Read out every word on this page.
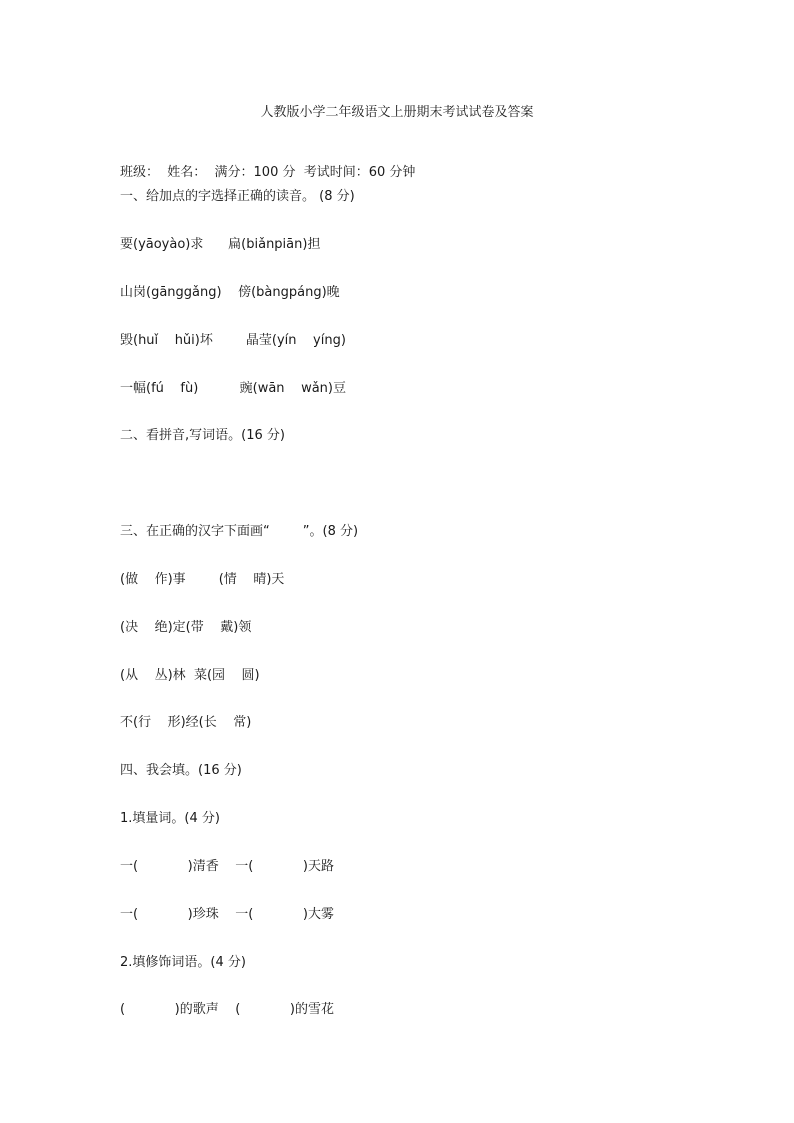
人教版小学二年级语文上册期末考试试卷及答案
班级：  姓名：  满分：100 分  考试时间：60 分钟
一、给加点的字选择正确的读音。 (8 分)
要(yāoyào)求      扁(biǎnpiān)担
山岗(gānggǎng)    傍(bàngpáng)晚
毁(huǐ    hǔi)坏        晶莹(yín    yíng)
一幅(fú    fù)          豌(wān    wǎn)豆
二、看拼音,写词语。(16 分)
三、在正确的汉字下面画“        ”。(8 分)
(做    作)事        (情    晴)天
(决    绝)定(带    戴)领
(从    丛)林  菜(园    圆)
不(行    形)经(长    常)
四、我会填。(16 分)
1.填量词。(4 分)
一(            )清香    一(            )天路
一(            )珍珠    一(            )大雾
2.填修饰词语。(4 分)
(            )的歌声    (            )的雪花
